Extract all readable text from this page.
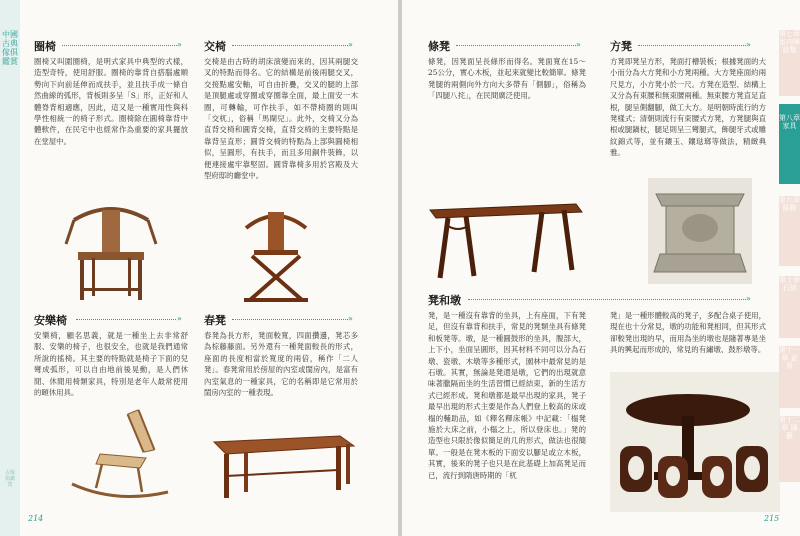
中國古典傢俱鑑賞
古傢俱鑑賞
圈椅	»
圈椅又叫圍圈椅，是明式家具中典型的式樣，造型奇特，使用舒服。圈椅的靠背自搭腦處順勢向下向前延伸而成扶手，並且扶手成一條自然曲線的弧形，背板則多呈「S」形，正好和人體脊背相適應，因此，這又是一種實用性與科學性相統一的椅子形式。圈椅除在圓椅靠背中體軟件，在民宅中也經常作為重要的家具擺放在堂屋中。
交椅	»
交椅是由古時的胡床演變而來的，因其兩腿交叉的特點而得名。它的結構是前後兩腿交叉，交接點處安軸，可自由折疊，交叉的腿的上部是頂腿處或穿圈或穿圈靠全面，最上面安一木圈，可轉輸，可作扶手，如不帶椅圈的則叫「交杌」，俗稱「馬閘兒」。此外，交椅又分為直背交椅和圓背交椅，直背交椅的主要特點是靠背呈直形；圓背交椅的特點為上部與圓椅相似，呈圓形，有扶手，而且多用銅件裝飾，以便連接處牢靠堅固。圓背靠椅多用於宮殿及大型府邸的廳堂中。
安樂椅	»
安樂椅，顧名思義，就是一種坐上去非常舒服、安樂的椅子，也很安全，也就是我們通常所說的搖椅。其主要的特點就是椅子下面的兒彎成弧形，可以自由地前後晃動，是人們休閒、休閒用椅類家具，特別是老年人最常使用的頤休用具。
春凳	»
春凳為長方形，凳面較寬，四面攢邊，凳芯多為棕藤藤面。另外還有一種凳面較長的形式，座面的長度相當於寬度的兩倍，稱作「二人凳」。春凳常用於傍屋的內室或閨房內，是富有內室氣息的一種家具，它的名稱即是它常用於閨房內室的一種表現。
214
條凳	»
條凳，因凳面呈長條形而得名。凳面寬在15～25公分，實心木板，並起來就變比較簡單。條凳凳腿的兩側向外方向大多帶有「側腳」，俗稱為「四腿八挓」，在民間廣泛使用。
方凳	»
方凳即凳呈方形，凳面打槽裝板；根據凳面的大小而分為大方凳和小方凳兩種。大方凳座面約兩尺見方，小方凳小於一尺。方凳在造型、結構上又分為有束腰和無束腰兩種。無束腰方凳直足直根，腿呈側翻腳，做工大方。是明朝時流行的方凳樣式；清朝則流行有束腰式方凳，方凳腿與直根或腿鍋杖，腿足則呈三彎腿式，飾腿牙式或雕紋錦式等，並有鑲玉、鑲琺瑯等做法，精緻典雅。
凳和墩	»
凳，是一種沒有靠背的坐具，上有座面，下有凳足，但沒有靠背和扶手，常見的凳類坐具有條凳和板凳等。墩，是一種圓鼓形的坐具，腹部大，上下小，坐面呈圓形，因其材料不同可以分為石墩、瓷墩、木墩等多種形式，園林中最常見的是石墩。其實，無論是凳還是墩，它們的出現就意味著臘隔而坐的生活習慣已經結束，新的生活方式已經形成。凳和墩都是最早出現的家具，凳子最早出現的形式主要是作為人們登上較高的床或榻的輔助品，如《釋名釋床帳》中記載：「榻凳施於大床之前，小榻之上，所以登床也。」凳的造型也只限於像似簡足的几的形式，做法也很簡單。一般是在凳木板的下面安以腳足或立木板，其實，後來的凳子也只是在此基礎上加高凳足而已，流行到隋唐時期的「杌
凳」是一種形體較高的凳子，多配合桌子使用，現在也十分常見，墩的功能和凳相同，但其形式卻較凳出現的早，而用為坐的墩也是隨著專是坐具的興起而形成的，常見的有繡墩、鼓形墩等。
215
第七章 室內陳設類
第八章 家具
第九章 匾聯
第十章 石刻
第十一章 盆景
第十二章 園藝
